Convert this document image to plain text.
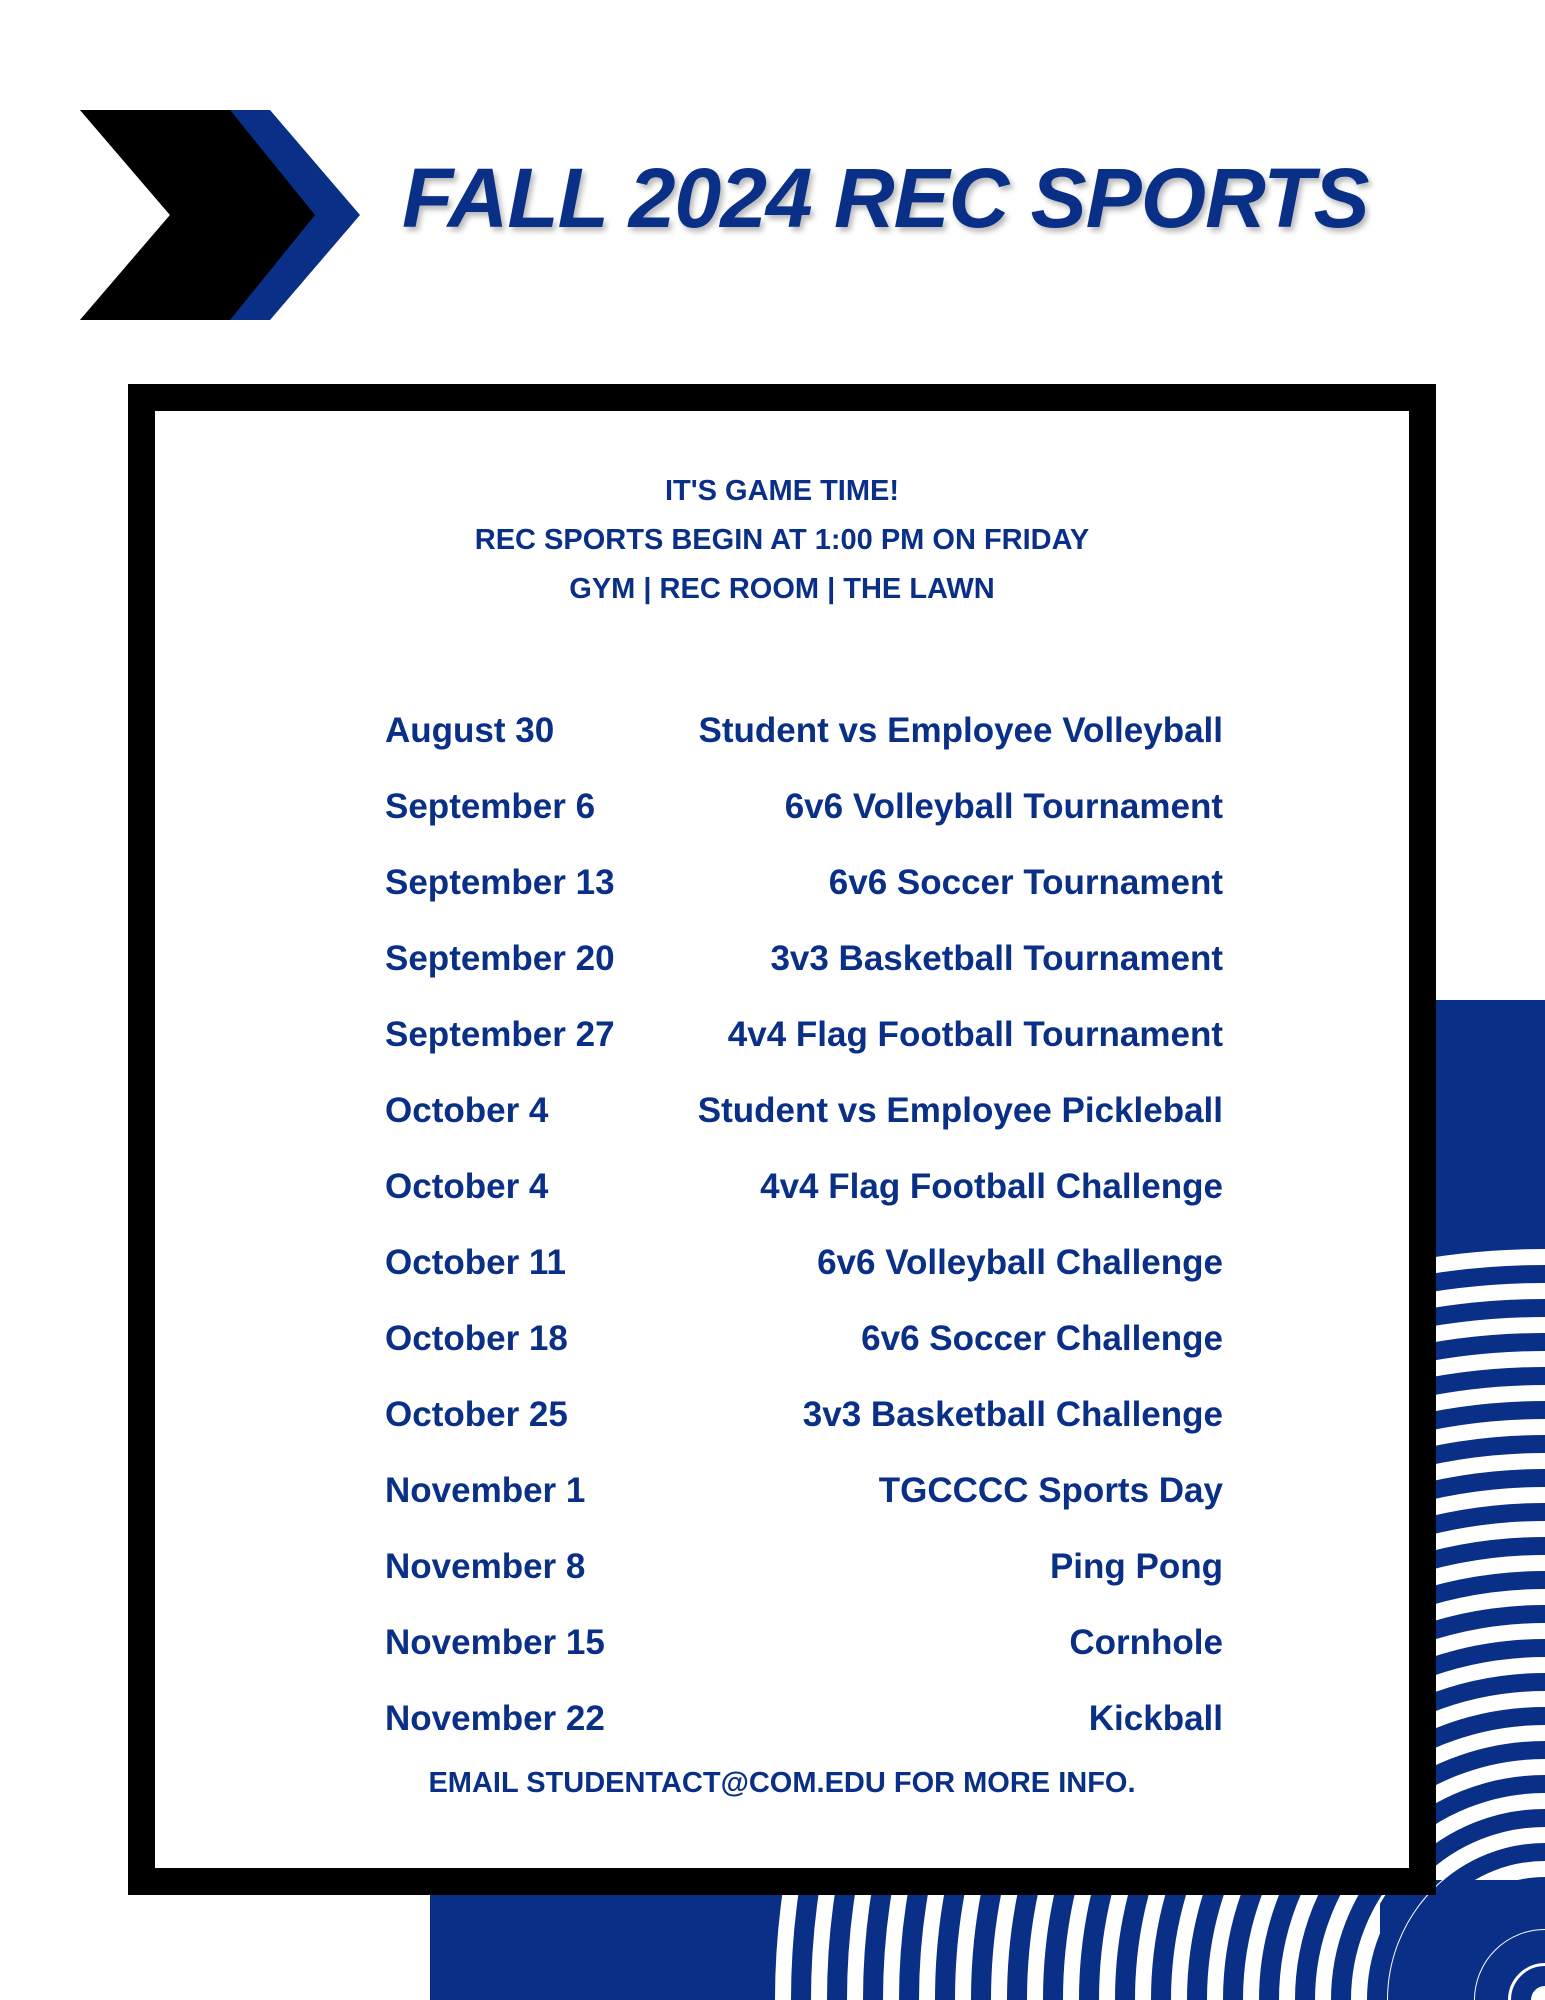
FALL 2024 REC SPORTS

IT'S GAME TIME!

REC SPORTS BEGIN AT 1:00 PM ON FRIDAY

GYM | REC ROOM | THE LAWN

August 30	Student vs Employee Volleyball
September 6	6v6 Volleyball Tournament
September 13	6v6 Soccer Tournament
September 20	3v3 Basketball Tournament
September 27	4v4 Flag Football Tournament
October 4	Student vs Employee Pickleball
October 4	4v4 Flag Football Challenge
October 11	6v6 Volleyball Challenge
October 18	6v6 Soccer Challenge
October 25	3v3 Basketball Challenge
November 1	TGCCCC Sports Day
November 8	Ping Pong
November 15	Cornhole
November 22	Kickball

EMAIL STUDENTACT@COM.EDU FOR MORE INFO.
